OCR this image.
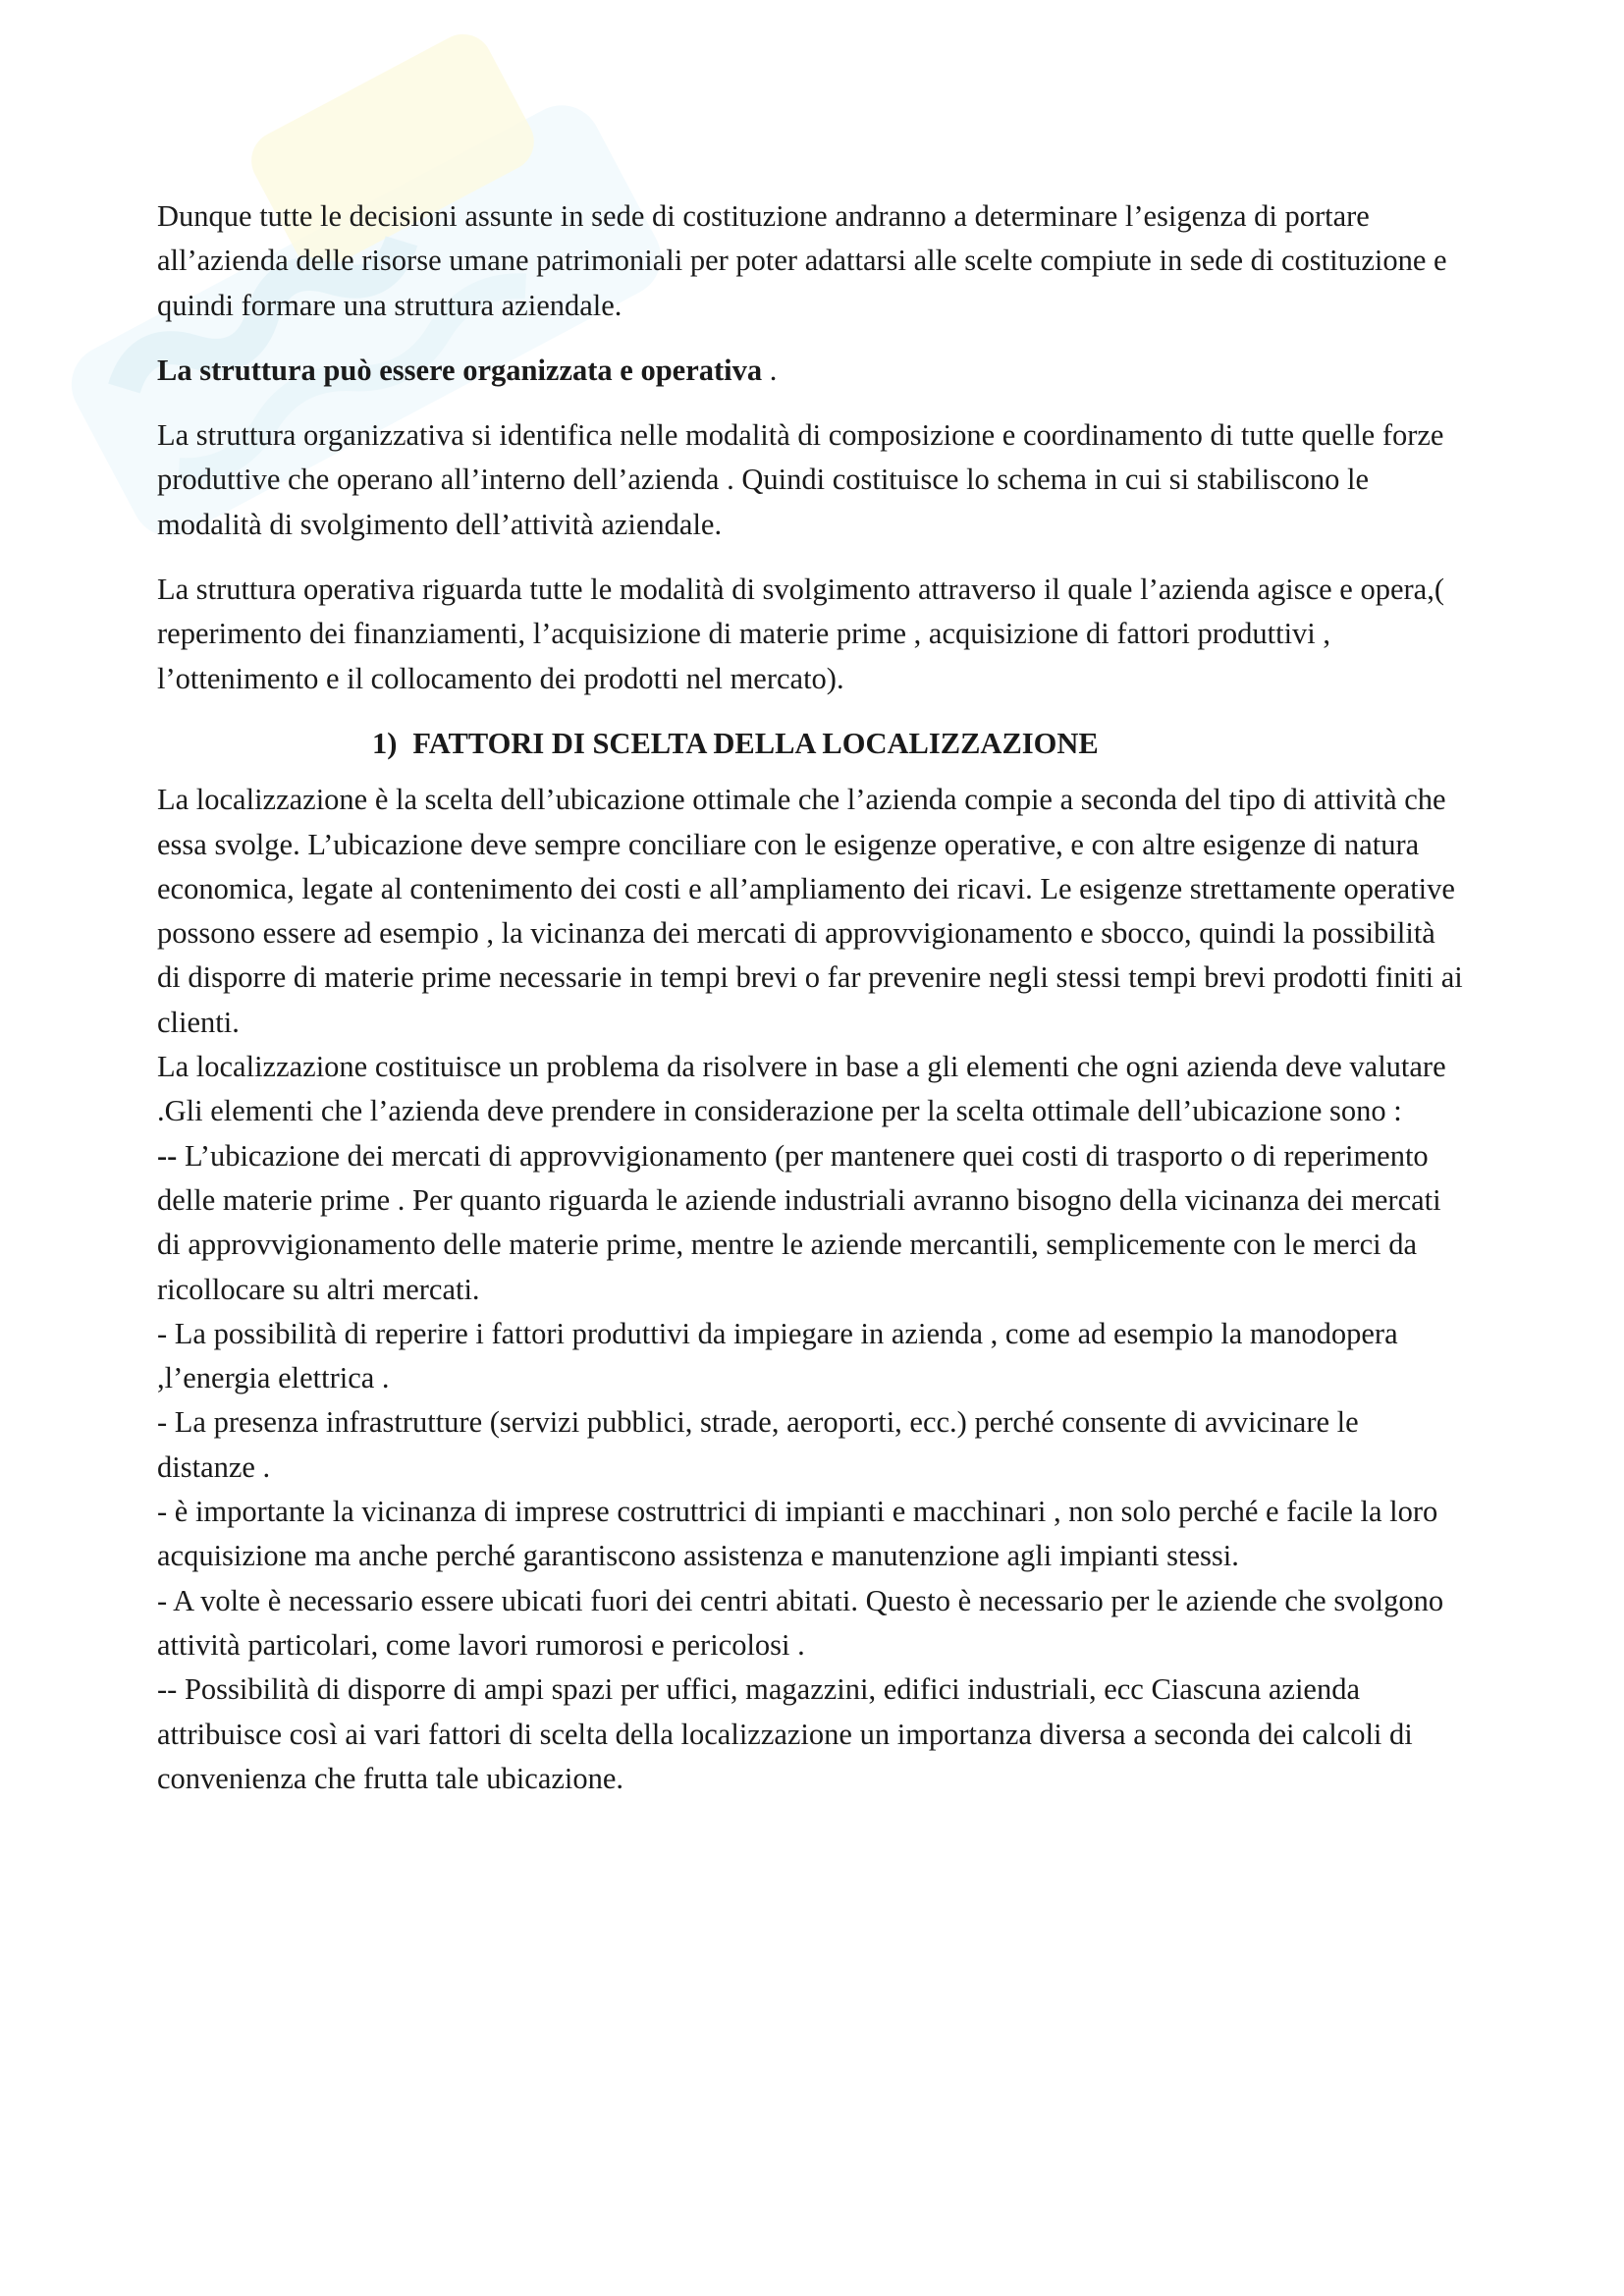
Dunque tutte le decisioni assunte in sede di costituzione andranno a determinare l’esigenza di portare all’azienda delle risorse umane patrimoniali per poter adattarsi alle scelte compiute in sede di costituzione e quindi formare una struttura aziendale.

La struttura può essere organizzata e operativa .

La struttura organizzativa si identifica nelle modalità di composizione e coordinamento di tutte quelle forze produttive che operano all’interno dell’azienda . Quindi costituisce lo schema in cui si stabiliscono le modalità di svolgimento dell’attività aziendale.

La struttura operativa riguarda tutte le modalità di svolgimento attraverso il quale l’azienda agisce e opera,( reperimento dei finanziamenti, l’acquisizione di materie prime , acquisizione di fattori produttivi , l’ottenimento e il collocamento dei prodotti nel mercato).

1) FATTORI DI SCELTA DELLA LOCALIZZAZIONE

La localizzazione è la scelta dell’ubicazione ottimale che l’azienda compie a seconda del tipo di attività che essa svolge. L’ubicazione deve sempre conciliare con le esigenze operative, e con altre esigenze di natura economica, legate al contenimento dei costi e all’ampliamento dei ricavi. Le esigenze strettamente operative possono essere ad esempio , la vicinanza dei mercati di approvvigionamento e sbocco, quindi la possibilità di disporre di materie prime necessarie in tempi brevi o far prevenire negli stessi tempi brevi prodotti finiti ai clienti.

La localizzazione costituisce un problema da risolvere in base a gli elementi che ogni azienda deve valutare .Gli elementi che l’azienda deve prendere in considerazione per la scelta ottimale dell’ubicazione sono :

-- L’ubicazione dei mercati di approvvigionamento (per mantenere quei costi di trasporto o di reperimento delle materie prime . Per quanto riguarda le aziende industriali avranno bisogno della vicinanza dei mercati di approvvigionamento delle materie prime, mentre le aziende mercantili, semplicemente con le merci da ricollocare su altri mercati.

- La possibilità di reperire i fattori produttivi da impiegare in azienda , come ad esempio la manodopera ,l’energia elettrica .

- La presenza infrastrutture (servizi pubblici, strade, aeroporti, ecc.) perché consente di avvicinare le distanze .

- è importante la vicinanza di imprese costruttrici di impianti e macchinari , non solo perché e facile la loro acquisizione ma anche perché garantiscono assistenza e manutenzione agli impianti stessi.

- A volte è necessario essere ubicati fuori dei centri abitati. Questo è necessario per le aziende che svolgono attività particolari, come lavori rumorosi e pericolosi .

-- Possibilità di disporre di ampi spazi per uffici, magazzini, edifici industriali, ecc Ciascuna azienda attribuisce così ai vari fattori di scelta della localizzazione un importanza diversa a seconda dei calcoli di convenienza che frutta tale ubicazione.
